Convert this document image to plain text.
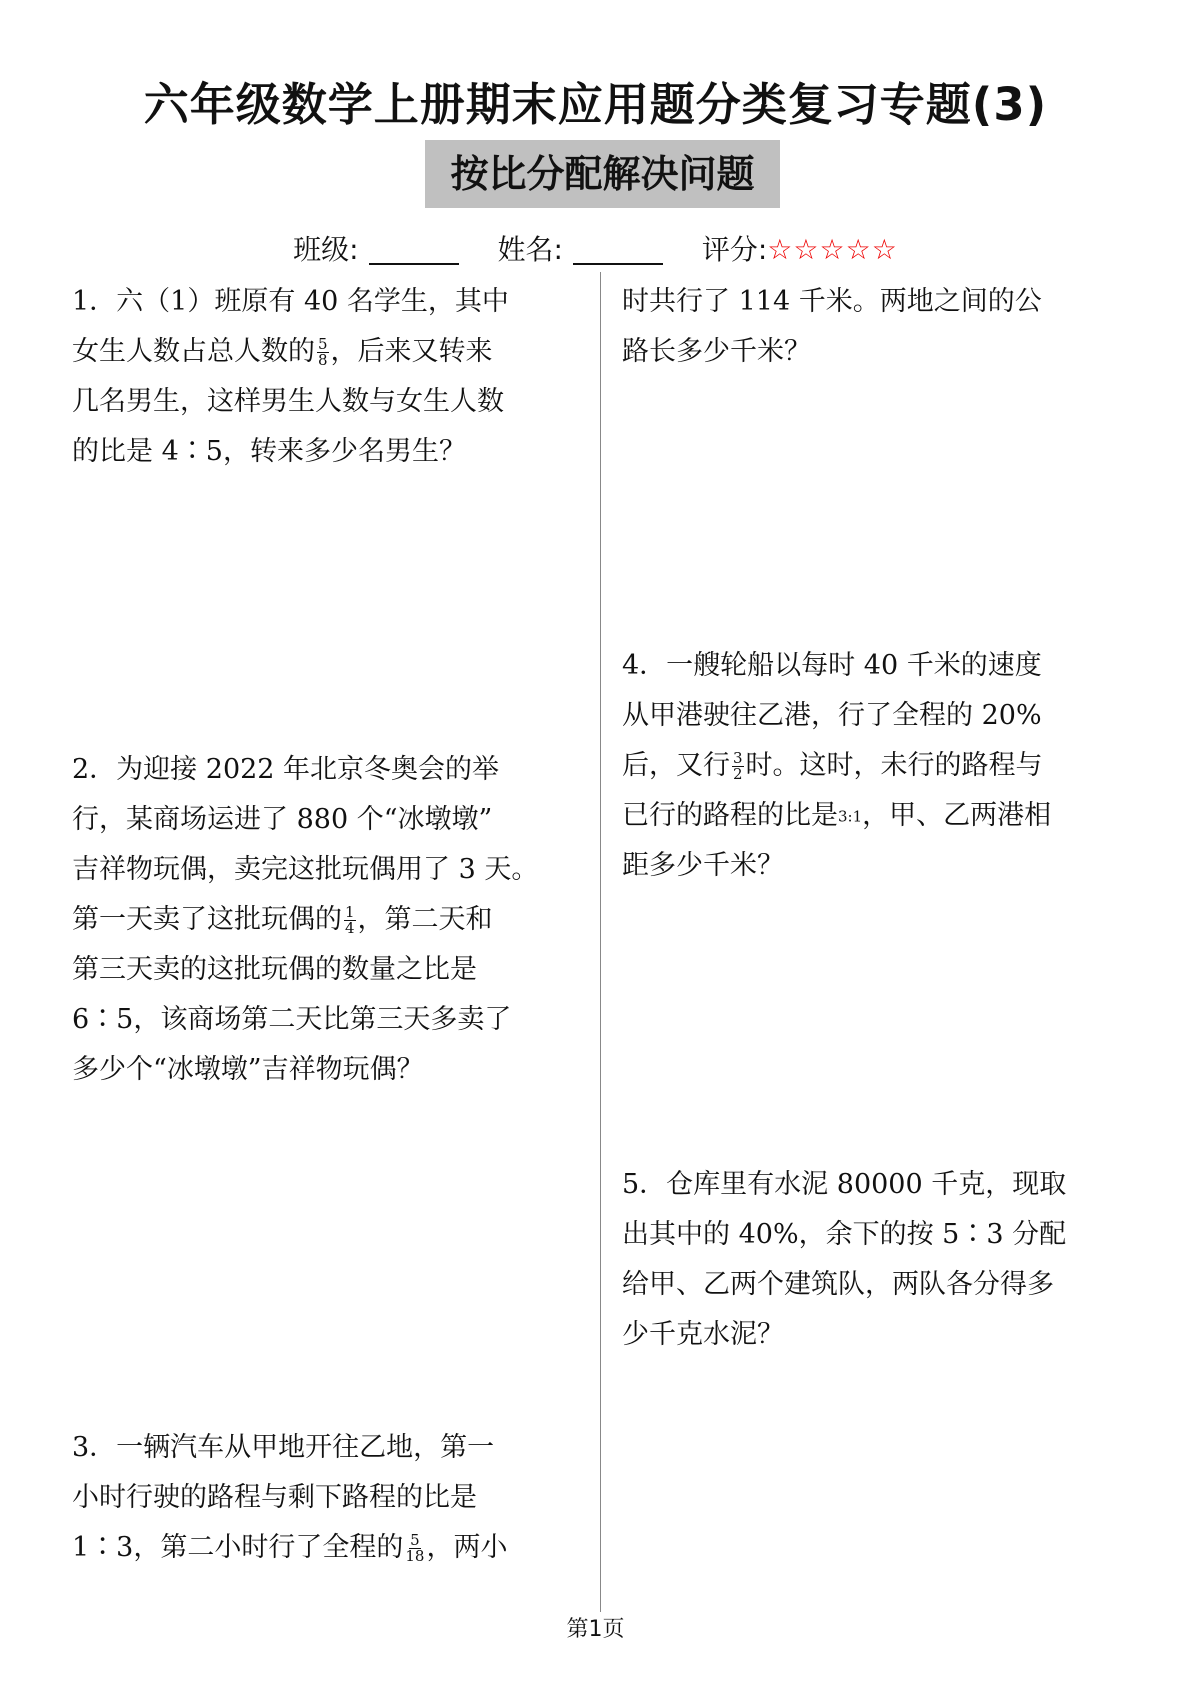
六年级数学上册期末应用题分类复习专题(3)
按比分配解决问题
班级:	姓名:	评分:☆☆☆☆☆
1．六（1）班原有 40 名学生，其中
女生人数占总人数的 $\frac{5}{8}$ ，后来又转来
几名男生，这样男生人数与女生人数
的比是 4∶5，转来多少名男生？
2．为迎接 2022 年北京冬奥会的举
行，某商场运进了 880 个“冰墩墩”
吉祥物玩偶，卖完这批玩偶用了 3 天。
第一天卖了这批玩偶的 $\frac{1}{4}$ ，第二天和
第三天卖的这批玩偶的数量之比是
6∶5，该商场第二天比第三天多卖了
多少个“冰墩墩”吉祥物玩偶？
3．一辆汽车从甲地开往乙地，第一
小时行驶的路程与剩下路程的比是
1∶3，第二小时行了全程的 $\frac{5}{18}$ ，两小
时共行了 114 千米。两地之间的公
路长多少千米？
4．一艘轮船以每时 40 千米的速度
从甲港驶往乙港，行了全程的 20%
后，又行 $\frac{3}{2}$ 时。这时，未行的路程与
已行的路程的比是3:1，甲、乙两港相
距多少千米？
5．仓库里有水泥 80000 千克，现取
出其中的 40%，余下的按 5∶3 分配
给甲、乙两个建筑队，两队各分得多
少千克水泥？
第1页
